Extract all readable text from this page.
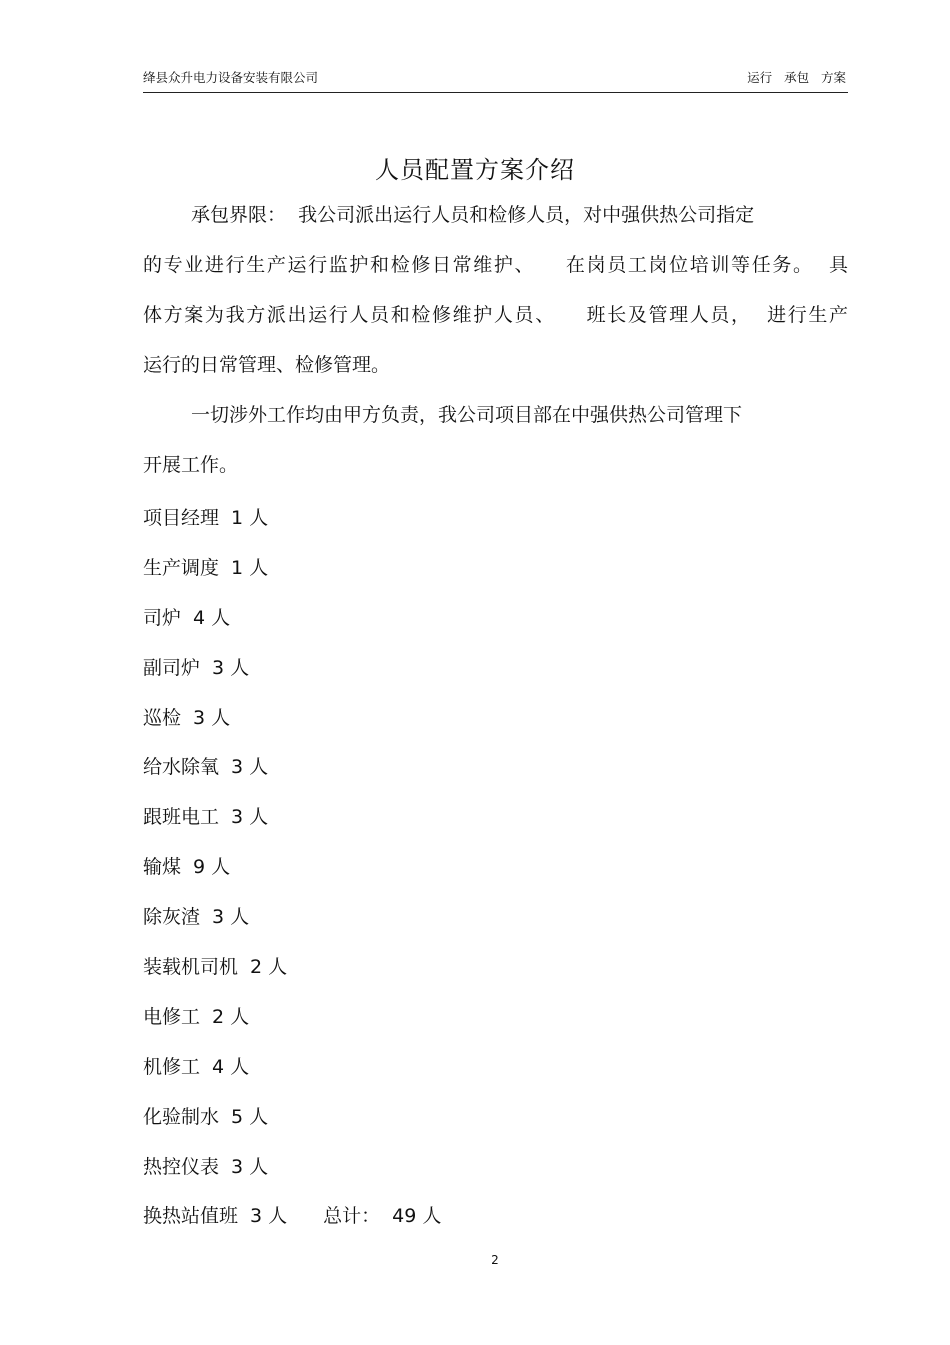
绛县众升电力设备安装有限公司	运行   承包   方案
人员配置方案介绍
承包界限：  我公司派出运行人员和检修人员，对中强供热公司指定
的专业进行生产运行监护和检修日常维护、    在岗员工岗位培训等任务。  具
体方案为我方派出运行人员和检修维护人员、    班长及管理人员，  进行生产
运行的日常管理、检修管理。
一切涉外工作均由甲方负责，我公司项目部在中强供热公司管理下
开展工作。
项目经理 1 人
生产调度 1 人
司炉 4 人
副司炉 3 人
巡检 3 人
给水除氧 3 人
跟班电工 3 人
输煤 9 人
除灰渣 3 人
装载机司机 2 人
电修工 2 人
机修工 4 人
化验制水 5 人
热控仪表 3 人
换热站值班 3 人 总计： 49 人
2
